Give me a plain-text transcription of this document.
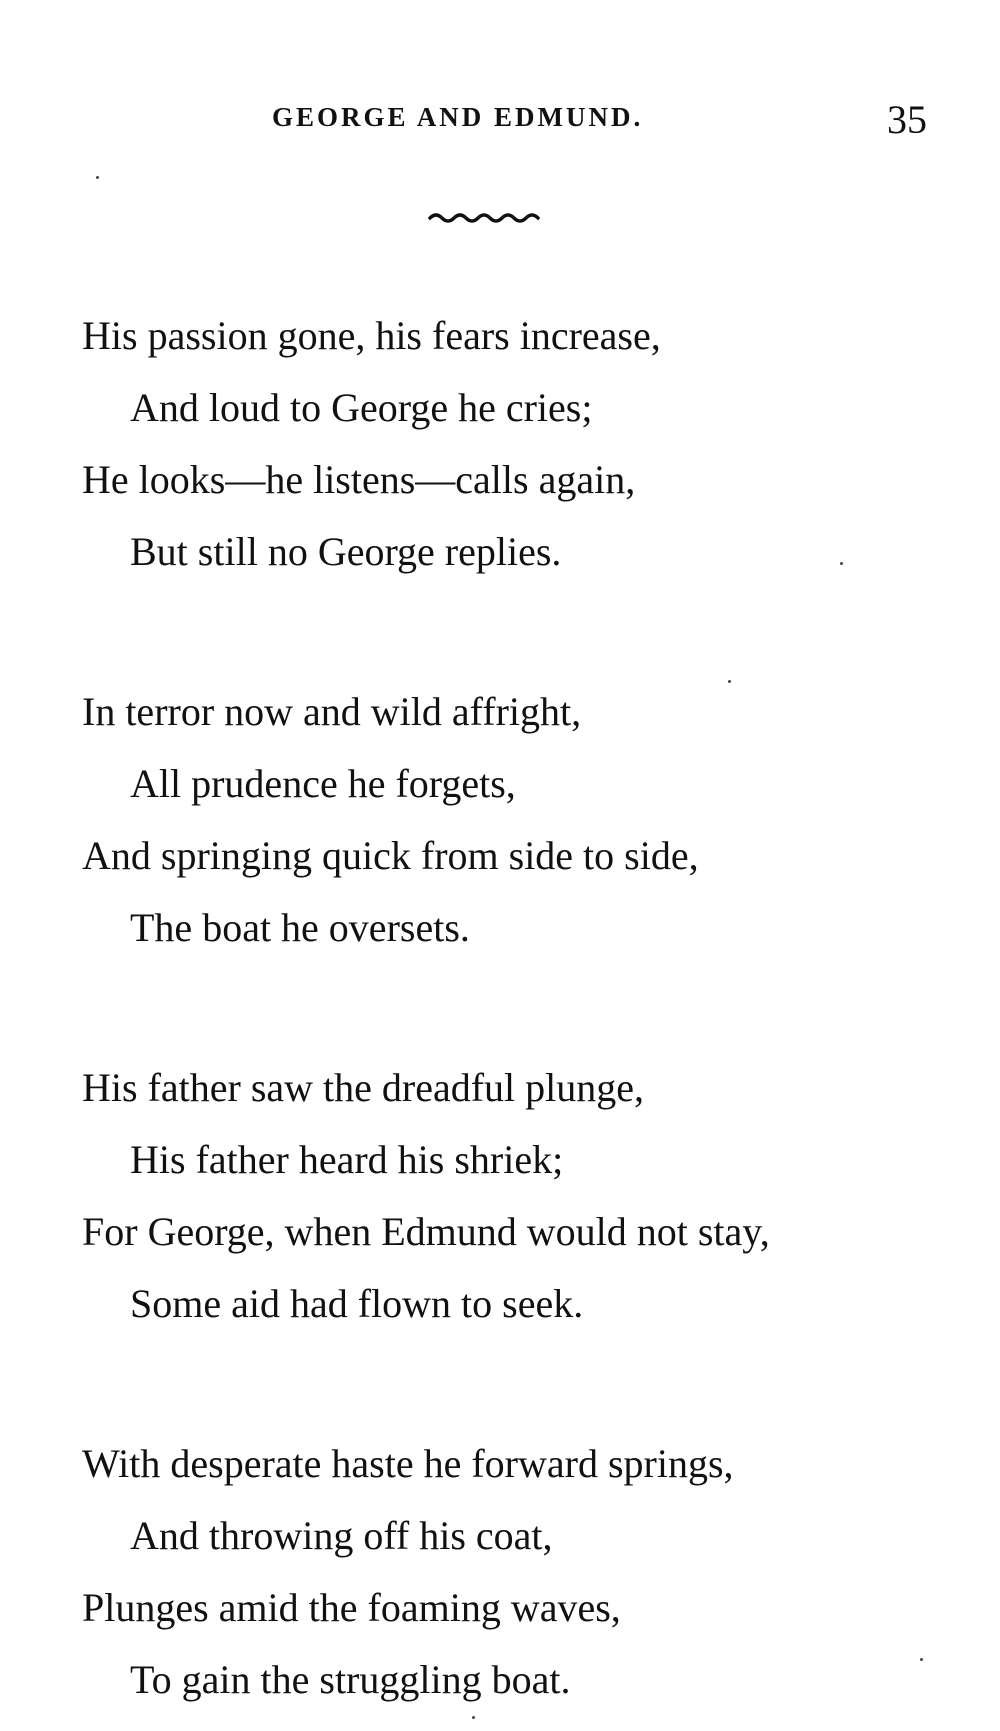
GEORGE AND EDMUND.	35
His passion gone, his fears increase,
And loud to George he cries;
He looks—he listens—calls again,
But still no George replies.
In terror now and wild affright,
All prudence he forgets,
And springing quick from side to side,
The boat he oversets.
His father saw the dreadful plunge,
His father heard his shriek;
For George, when Edmund would not stay,
Some aid had flown to seek.
With desperate haste he forward springs,
And throwing off his coat,
Plunges amid the foaming waves,
To gain the struggling boat.
